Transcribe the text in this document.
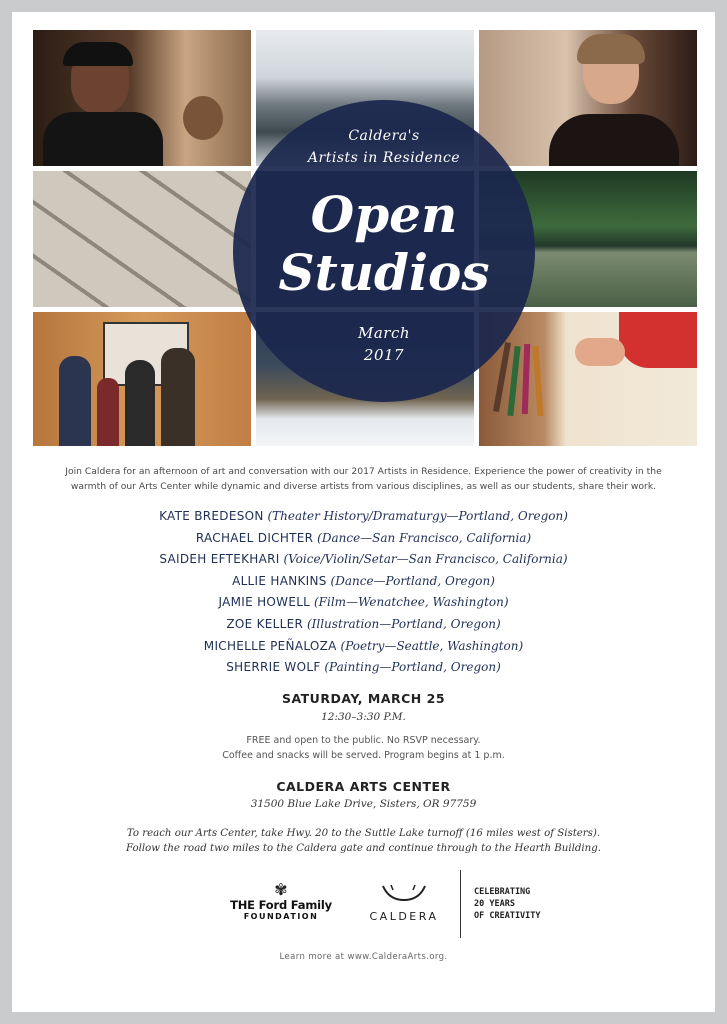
Caldera's
Artists in Residence
Open
Studios
March
2017
Join Caldera for an afternoon of art and conversation with our 2017 Artists in Residence. Experience the power of creativity in the warmth of our Arts Center while dynamic and diverse artists from various disciplines, as well as our students, share their work.
KATE BREDESON (Theater History/Dramaturgy—Portland, Oregon)
RACHAEL DICHTER (Dance—San Francisco, California)
SAIDEH EFTEKHARI (Voice/Violin/Setar—San Francisco, California)
ALLIE HANKINS (Dance—Portland, Oregon)
JAMIE HOWELL (Film—Wenatchee, Washington)
ZOE KELLER (Illustration—Portland, Oregon)
MICHELLE PEÑALOZA (Poetry—Seattle, Washington)
SHERRIE WOLF (Painting—Portland, Oregon)
SATURDAY, MARCH 25
12:30–3:30 P.M.
FREE and open to the public. No RSVP necessary.
Coffee and snacks will be served. Program begins at 1 p.m.
CALDERA ARTS CENTER
31500 Blue Lake Drive, Sisters, OR 97759
To reach our Arts Center, take Hwy. 20 to the Suttle Lake turnoff (16 miles west of Sisters).
Follow the road two miles to the Caldera gate and continue through to the Hearth Building.
✾
THE Ford Family
FOUNDATION	CALDERA
CELEBRATING
20 YEARS
OF CREATIVITY
Learn more at www.CalderaArts.org.
